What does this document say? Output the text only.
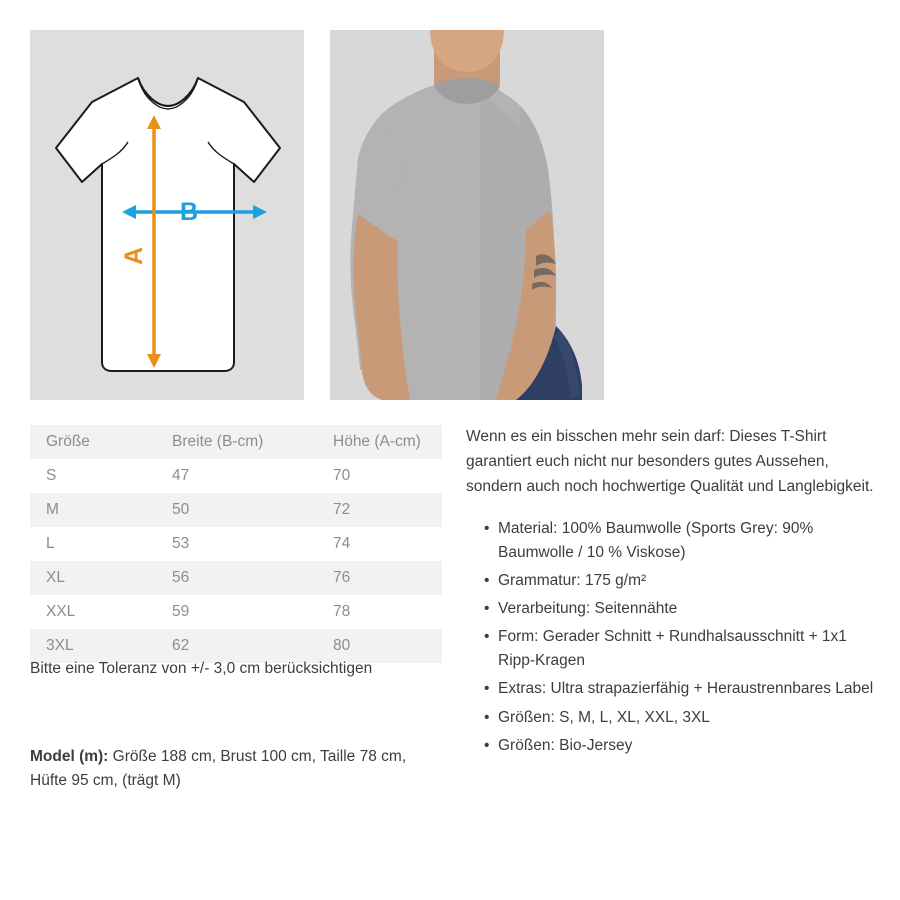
B
A
Größe	Breite (B-cm)	Höhe (A-cm)
S	47	70
M	50	72
L	53	74
XL	56	76
XXL	59	78
3XL	62	80
Bitte eine Toleranz von +/- 3,0 cm berücksichtigen
Model (m): Größe 188 cm, Brust 100 cm, Taille 78 cm, Hüfte 95 cm, (trägt M)

Wenn es ein bisschen mehr sein darf: Dieses T-Shirt garantiert euch nicht nur besonders gutes Aussehen, sondern auch noch hochwertige Qualität und Langlebigkeit.

• Material: 100% Baumwolle (Sports Grey: 90% Baumwolle / 10 % Viskose)
• Grammatur: 175 g/m²
• Verarbeitung: Seitennähte
• Form: Gerader Schnitt + Rundhalsausschnitt + 1x1 Ripp-Kragen
• Extras: Ultra strapazierfähig + Heraustrennbares Label
• Größen: S, M, L, XL, XXL, 3XL
• Größen: Bio-Jersey
